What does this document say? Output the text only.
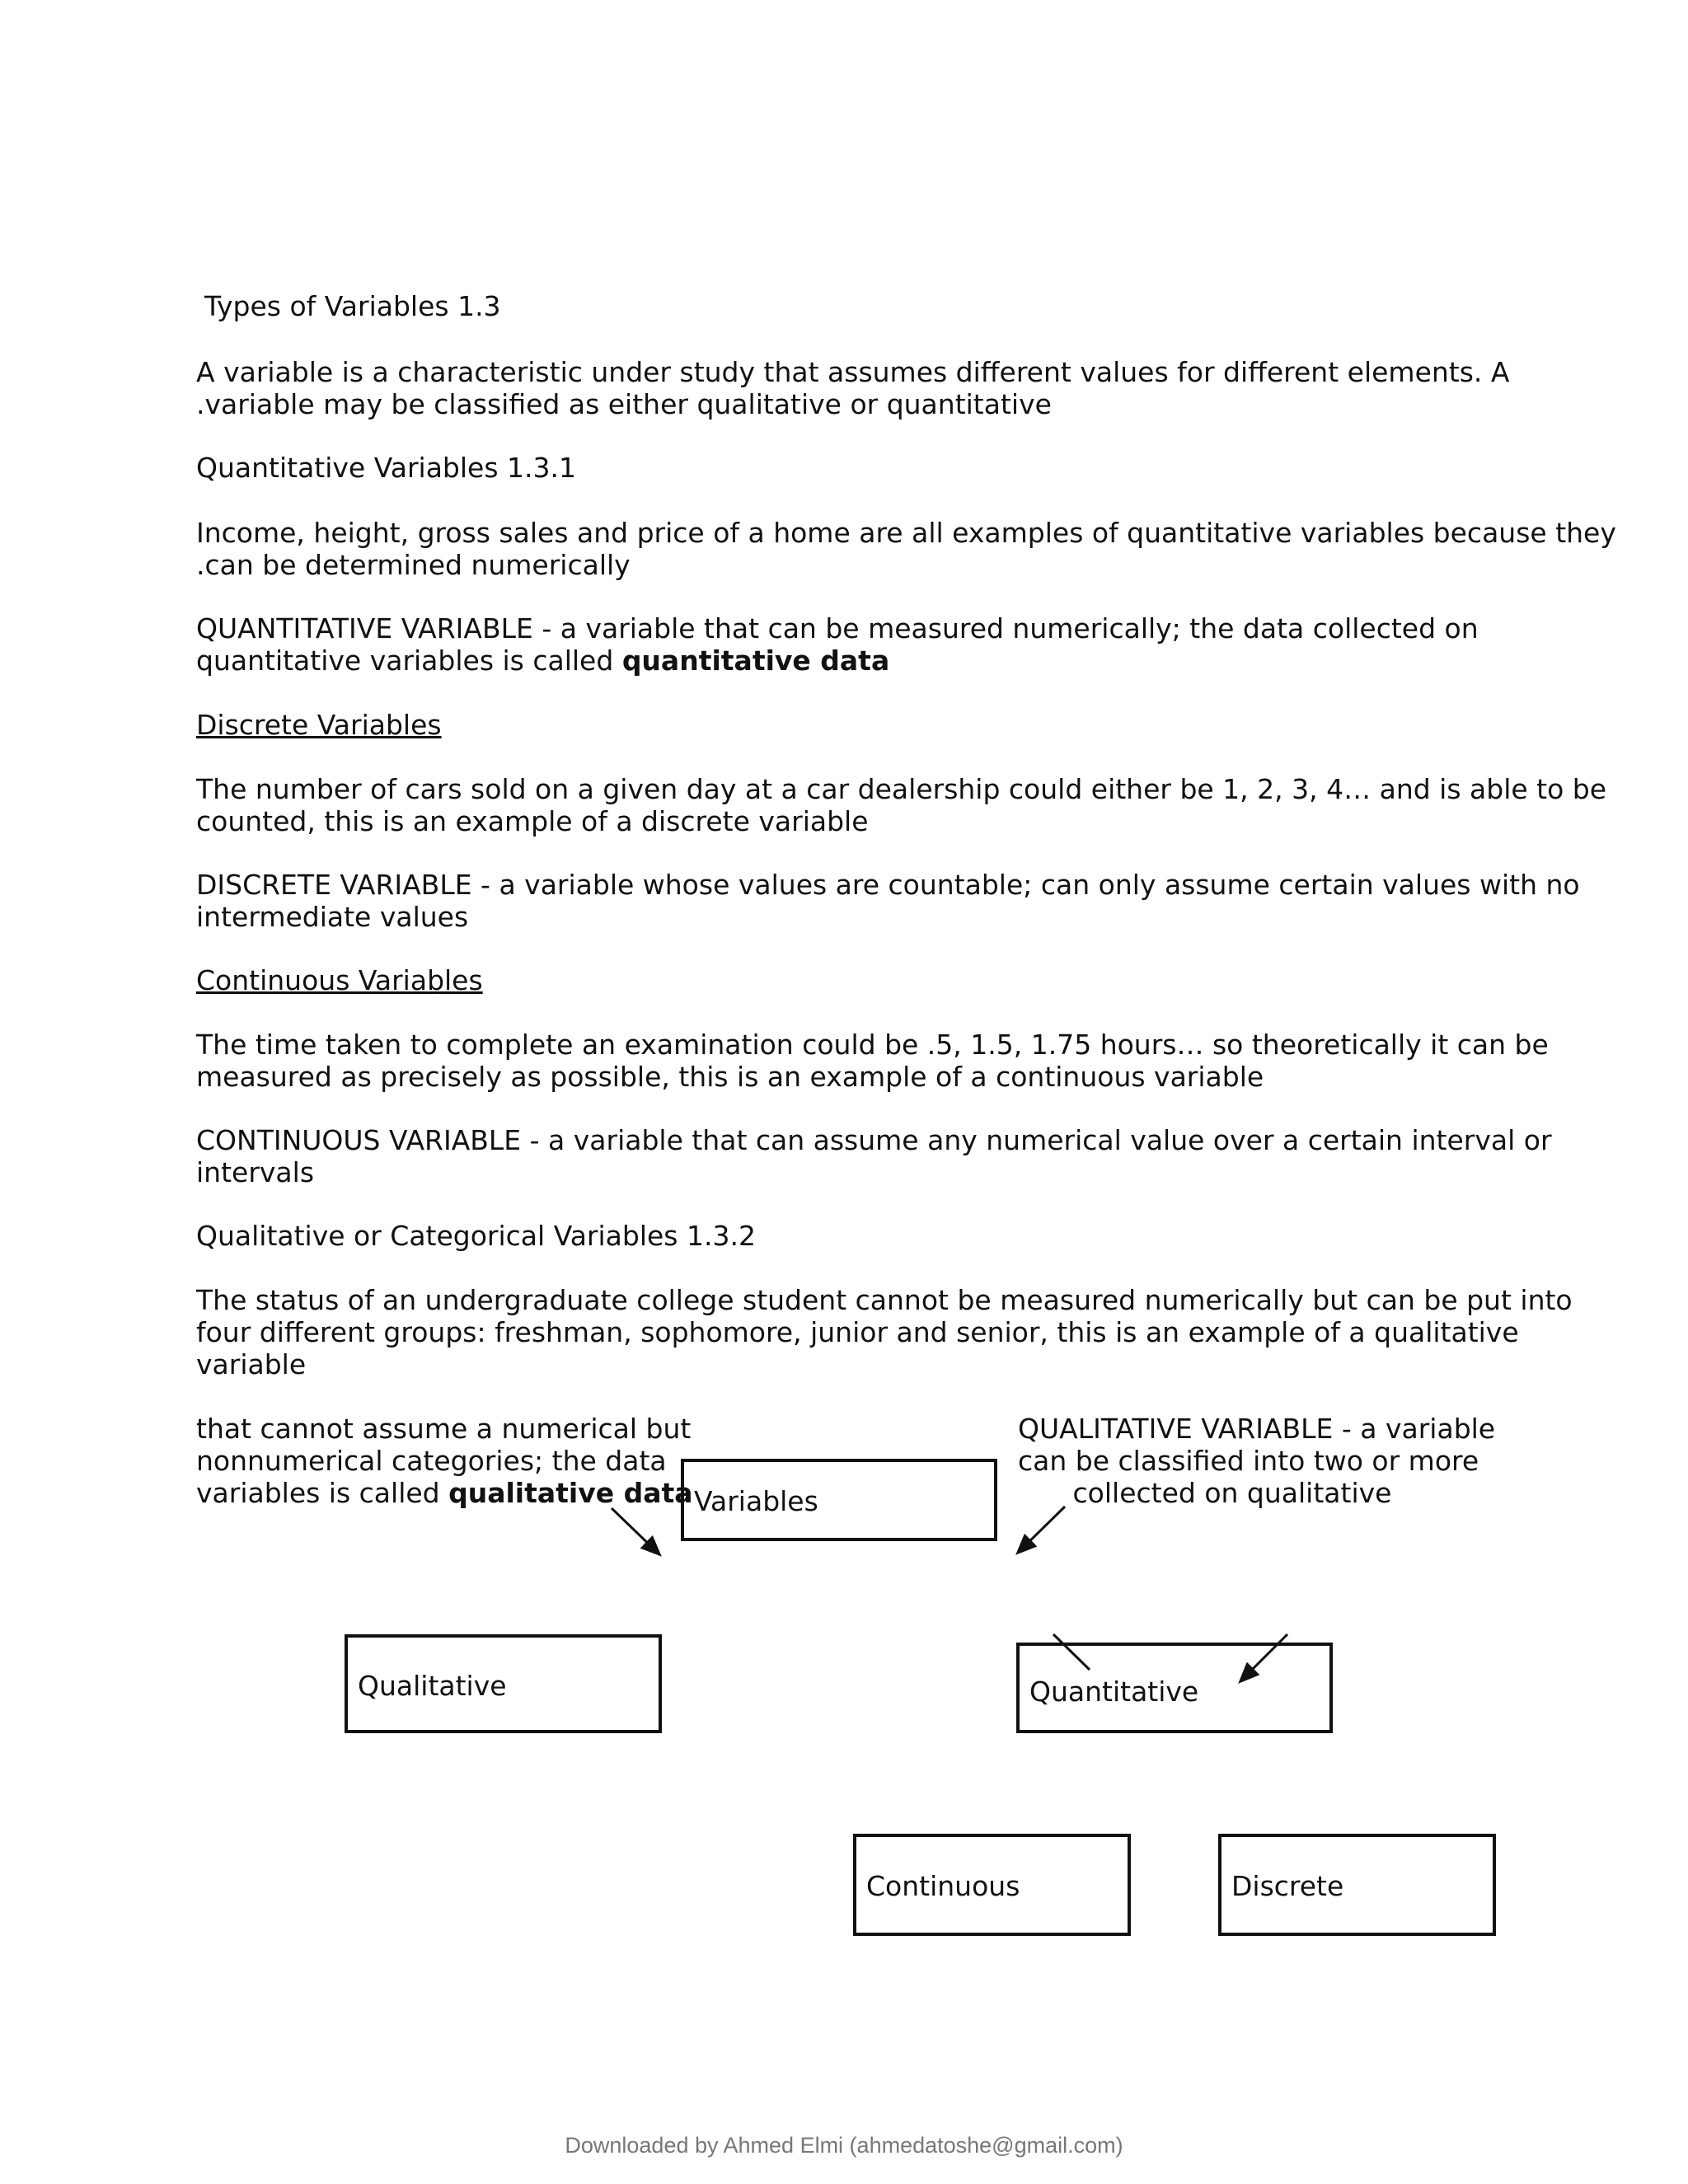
Types of Variables 1.3
A variable is a characteristic under study that assumes different values for different elements. A
.variable may be classified as either qualitative or quantitative
Quantitative Variables 1.3.1
Income, height, gross sales and price of a home are all examples of quantitative variables because they
.can be determined numerically
QUANTITATIVE VARIABLE - a variable that can be measured numerically; the data collected on
quantitative variables is called quantitative data
Discrete Variables
The number of cars sold on a given day at a car dealership could either be 1, 2, 3, 4… and is able to be
counted, this is an example of a discrete variable
DISCRETE VARIABLE - a variable whose values are countable; can only assume certain values with no
intermediate values
Continuous Variables
The time taken to complete an examination could be .5, 1.5, 1.75 hours… so theoretically it can be
measured as precisely as possible, this is an example of a continuous variable
CONTINUOUS VARIABLE - a variable that can assume any numerical value over a certain interval or
intervals
Qualitative or Categorical Variables 1.3.2
The status of an undergraduate college student cannot be measured numerically but can be put into
four different groups: freshman, sophomore, junior and senior, this is an example of a qualitative
variable
that cannot assume a numerical but
nonnumerical categories; the data
variables is called qualitative data
QUALITATIVE VARIABLE - a variable
can be classified into two or more
collected on qualitative
Variables
Qualitative	Quantitative
Continuous	Discrete
Downloaded by Ahmed Elmi (ahmedatoshe@gmail.com)
